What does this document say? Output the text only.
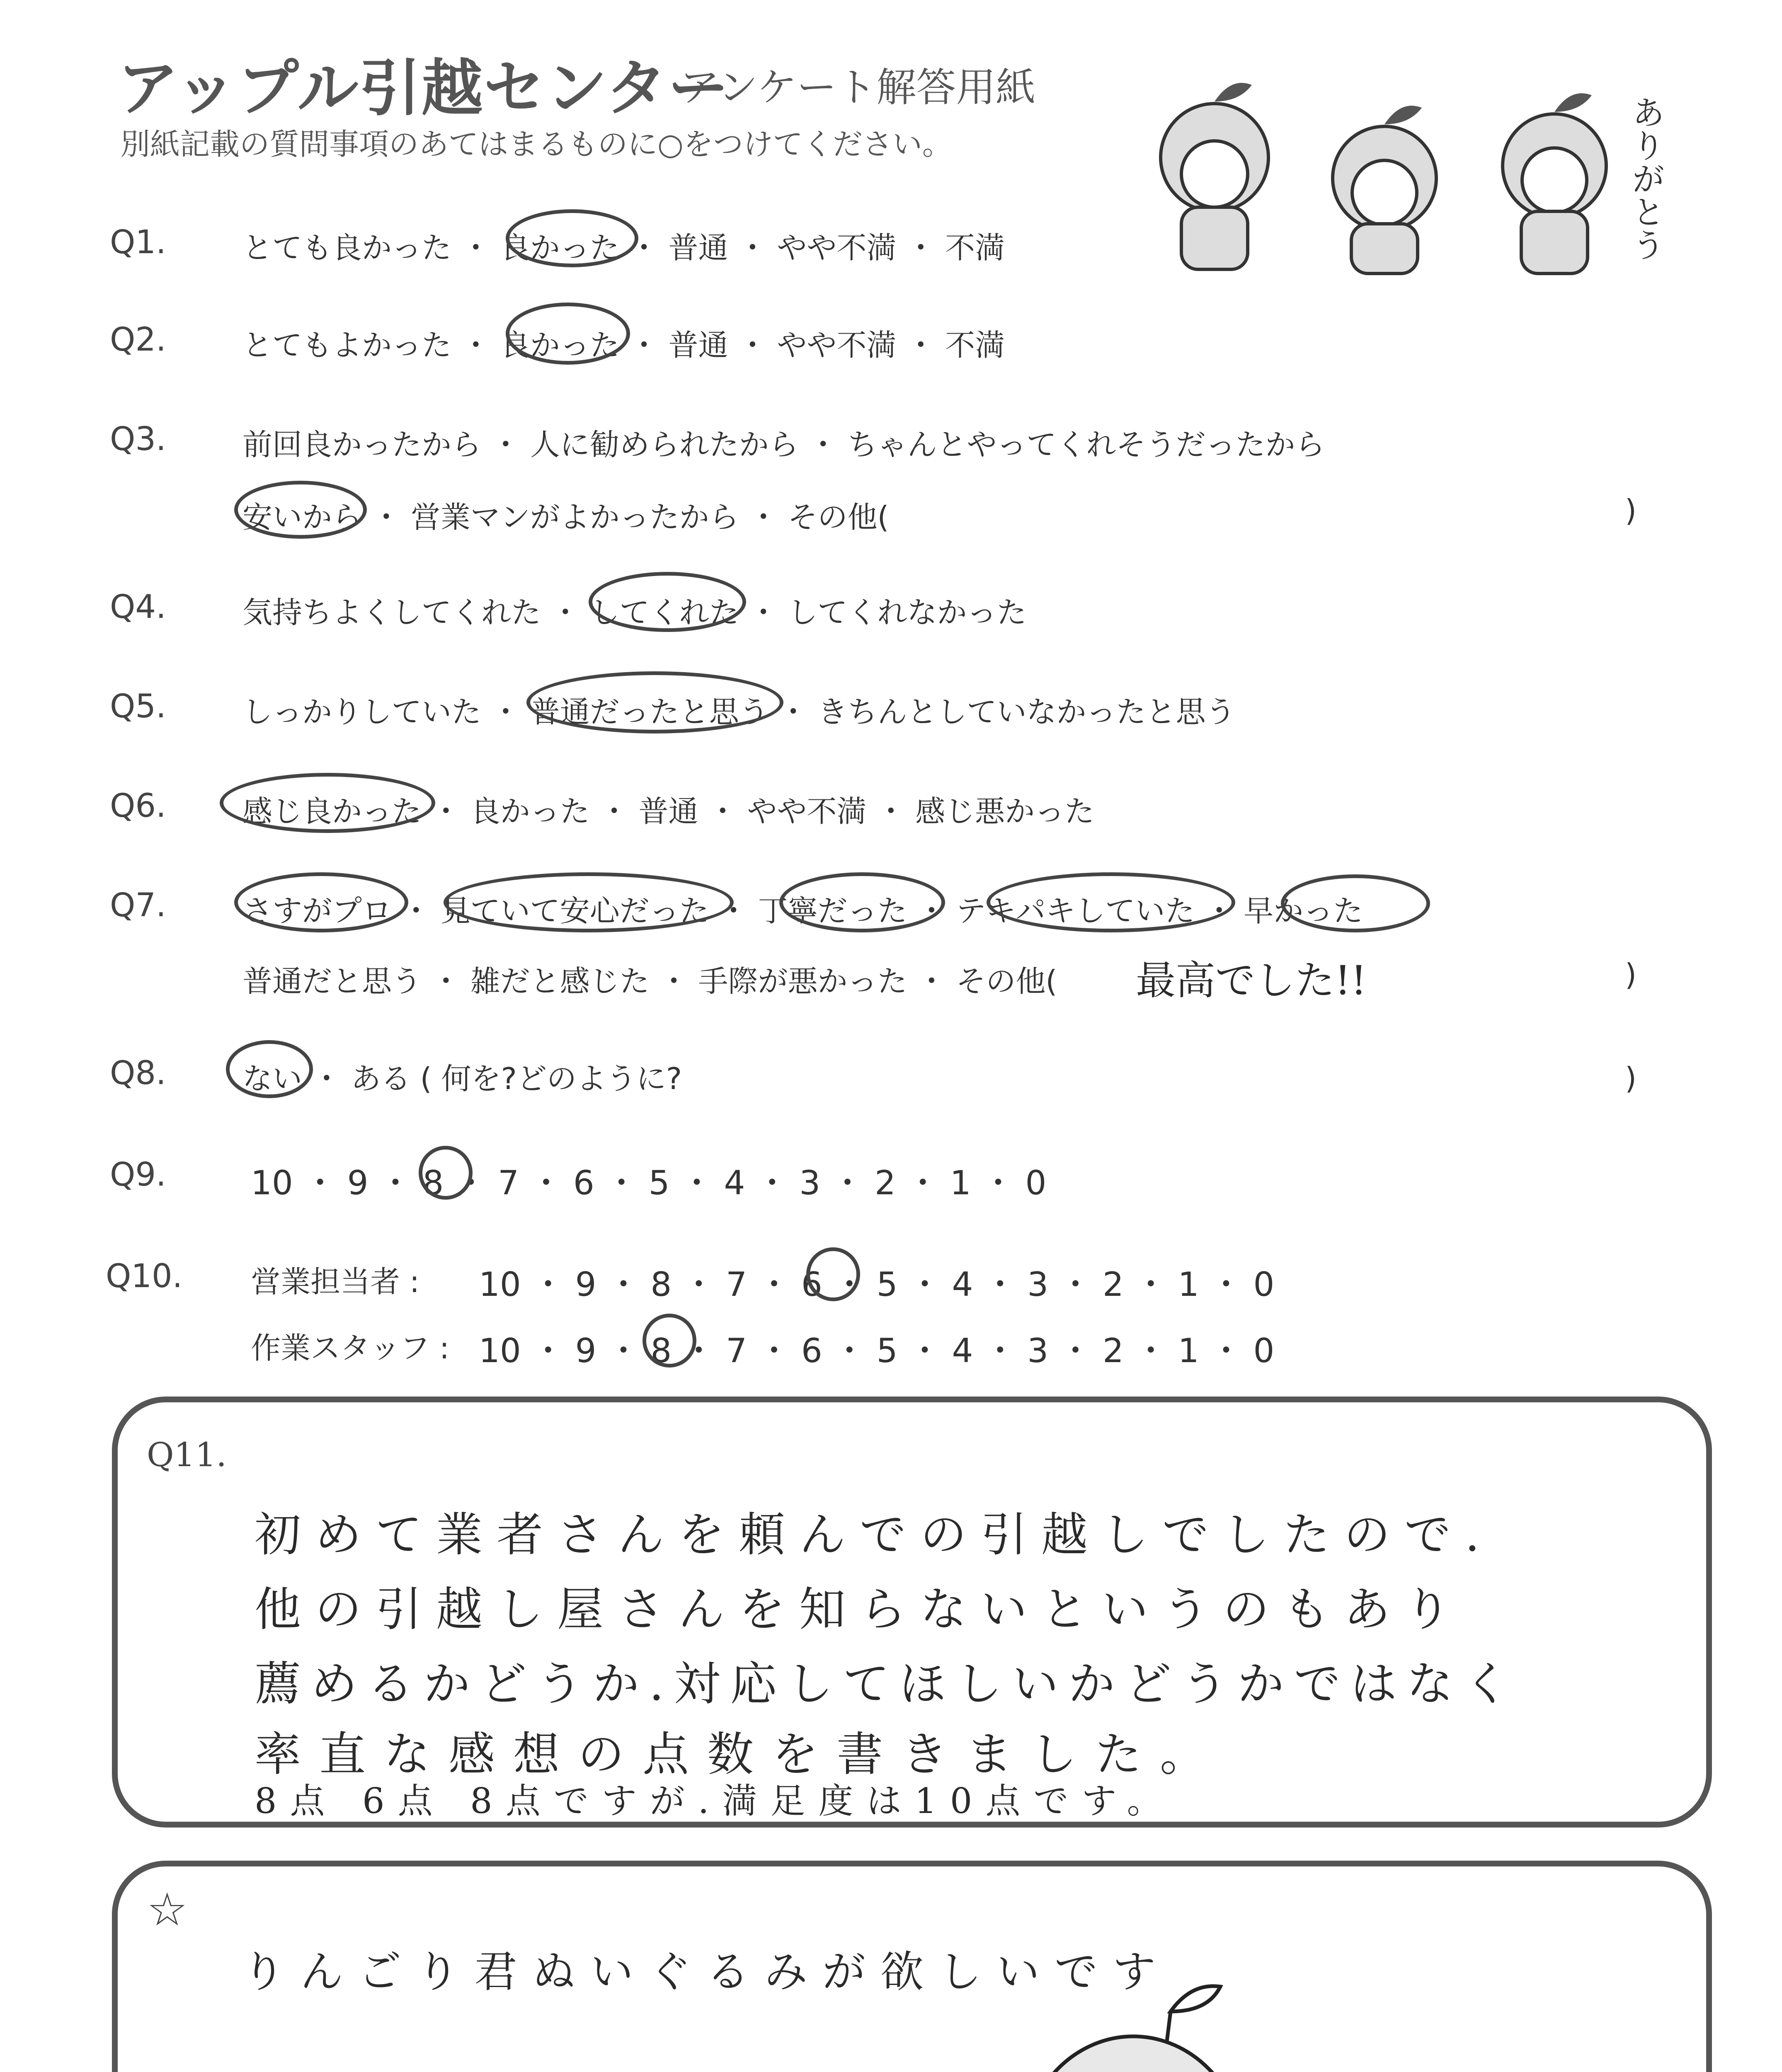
アップル引越センター
アンケート解答用紙
別紙記載の質問事項のあてはまるものに○をつけてください。	ありがとう
Q1.	とても良かった ・ 良かった ・ 普通 ・ やや不満 ・ 不満
Q2.	とてもよかった ・ 良かった ・ 普通 ・ やや不満 ・ 不満
Q3.	前回良かったから ・ 人に勧められたから ・ ちゃんとやってくれそうだったから
安いから ・ 営業マンがよかったから ・ その他(	)
Q4.	気持ちよくしてくれた ・ してくれた ・ してくれなかった
Q5.	しっかりしていた ・ 普通だったと思う ・ きちんとしていなかったと思う
Q6.	感じ良かった ・ 良かった ・ 普通 ・ やや不満 ・ 感じ悪かった
Q7.	さすがプロ ・ 見ていて安心だった ・ 丁寧だった ・ テキパキしていた ・ 早かった
普通だと思う ・ 雑だと感じた ・ 手際が悪かった ・ その他( 最高でした!!	)
Q8.	ない ・ ある ( 何を?どのように?	)
Q9.	10 ・ 9 ・ 8 ・ 7 ・ 6 ・ 5 ・ 4 ・ 3 ・ 2 ・ 1 ・ 0
Q10. 営業担当者 : 10 ・ 9 ・ 8 ・ 7 ・ 6 ・ 5 ・ 4 ・ 3 ・ 2 ・ 1 ・ 0
作業スタッフ : 10 ・ 9 ・ 8 ・ 7 ・ 6 ・ 5 ・ 4 ・ 3 ・ 2 ・ 1 ・ 0
Q11.
初めて業者さんを頼んでの引越しでしたので.
他の引越し屋さんを知らないというのもあり
薦めるかどうか.対応してほしいかどうかではなく
率直な感想の点数を書きました。
8点 6点 8点ですが.満足度は10点です。
☆
りんごり君ぬいぐるみが欲しいです
